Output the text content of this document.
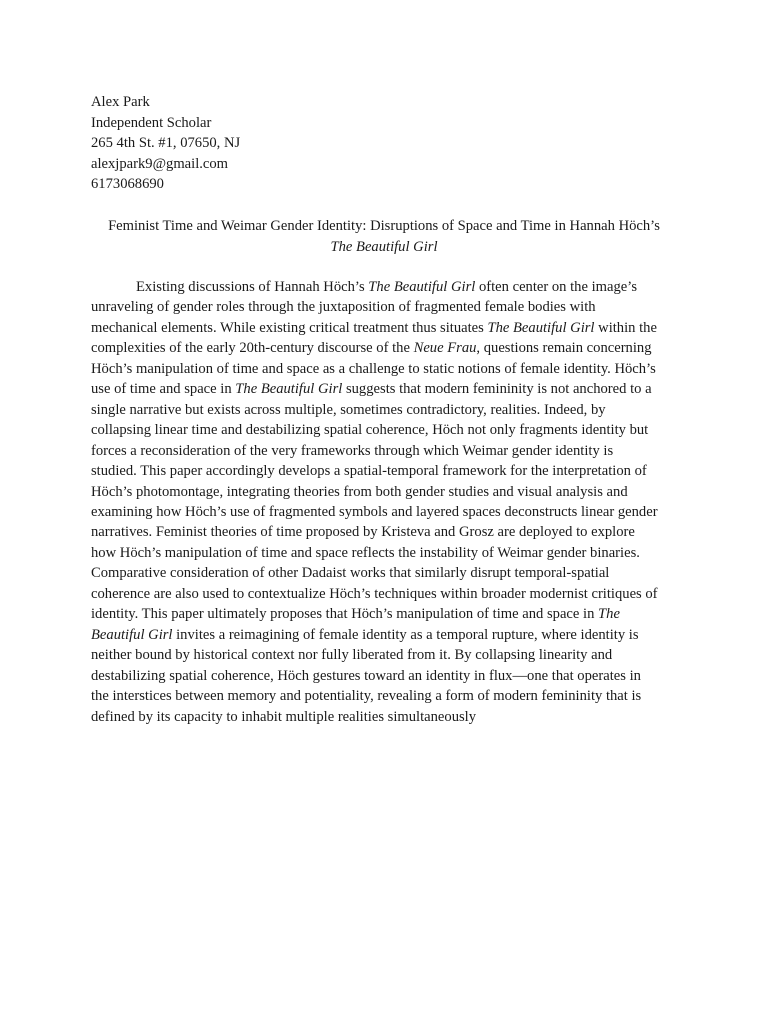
Alex Park
Independent Scholar
265 4th St. #1, 07650, NJ
alexjpark9@gmail.com
6173068690
Feminist Time and Weimar Gender Identity: Disruptions of Space and Time in Hannah Höch’s
The Beautiful Girl
Existing discussions of Hannah Höch’s The Beautiful Girl often center on the image’s
unraveling of gender roles through the juxtaposition of fragmented female bodies with
mechanical elements. While existing critical treatment thus situates The Beautiful Girl within the
complexities of the early 20th-century discourse of the Neue Frau, questions remain concerning
Höch’s manipulation of time and space as a challenge to static notions of female identity. Höch’s
use of time and space in The Beautiful Girl suggests that modern femininity is not anchored to a
single narrative but exists across multiple, sometimes contradictory, realities. Indeed, by
collapsing linear time and destabilizing spatial coherence, Höch not only fragments identity but
forces a reconsideration of the very frameworks through which Weimar gender identity is
studied. This paper accordingly develops a spatial-temporal framework for the interpretation of
Höch’s photomontage, integrating theories from both gender studies and visual analysis and
examining how Höch’s use of fragmented symbols and layered spaces deconstructs linear gender
narratives. Feminist theories of time proposed by Kristeva and Grosz are deployed to explore
how Höch’s manipulation of time and space reflects the instability of Weimar gender binaries.
Comparative consideration of other Dadaist works that similarly disrupt temporal-spatial
coherence are also used to contextualize Höch’s techniques within broader modernist critiques of
identity. This paper ultimately proposes that Höch’s manipulation of time and space in The
Beautiful Girl invites a reimagining of female identity as a temporal rupture, where identity is
neither bound by historical context nor fully liberated from it. By collapsing linearity and
destabilizing spatial coherence, Höch gestures toward an identity in flux—one that operates in
the interstices between memory and potentiality, revealing a form of modern femininity that is
defined by its capacity to inhabit multiple realities simultaneously
